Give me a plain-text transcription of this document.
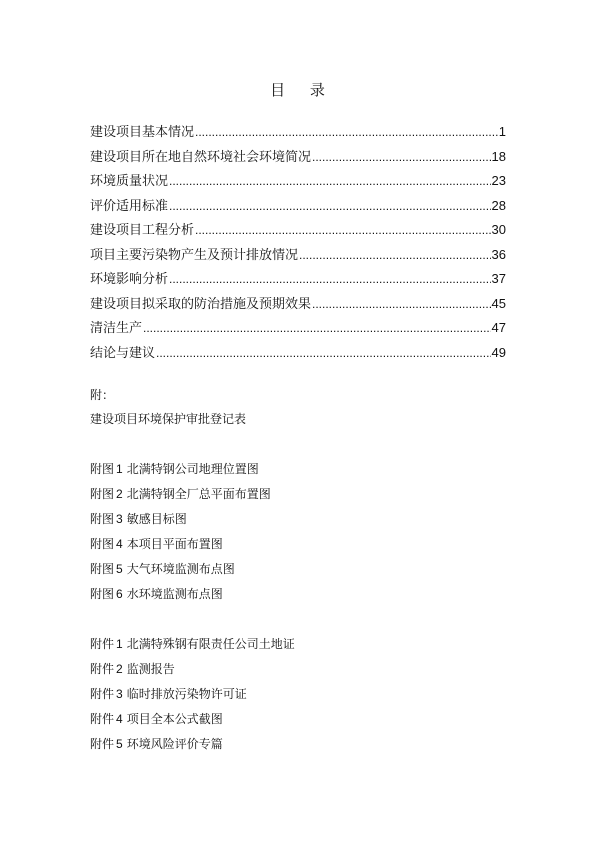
目 录
建设项目基本情况 .....	1
建设项目所在地自然环境社会环境简况 .....	18
环境质量状况 .....	23
评价适用标准 .....	28
建设项目工程分析 .....	30
项目主要污染物产生及预计排放情况 .....	36
环境影响分析 .....	37
建设项目拟采取的防治措施及预期效果 .....	45
清洁生产 .....	47
结论与建议 .....	49
附：
建设项目环境保护审批登记表
附图 1 北满特钢公司地理位置图
附图 2 北满特钢全厂总平面布置图
附图 3 敏感目标图
附图 4 本项目平面布置图
附图 5 大气环境监测布点图
附图 6 水环境监测布点图
附件 1 北满特殊钢有限责任公司土地证
附件 2 监测报告
附件 3 临时排放污染物许可证
附件 4 项目全本公式截图
附件 5 环境风险评价专篇
